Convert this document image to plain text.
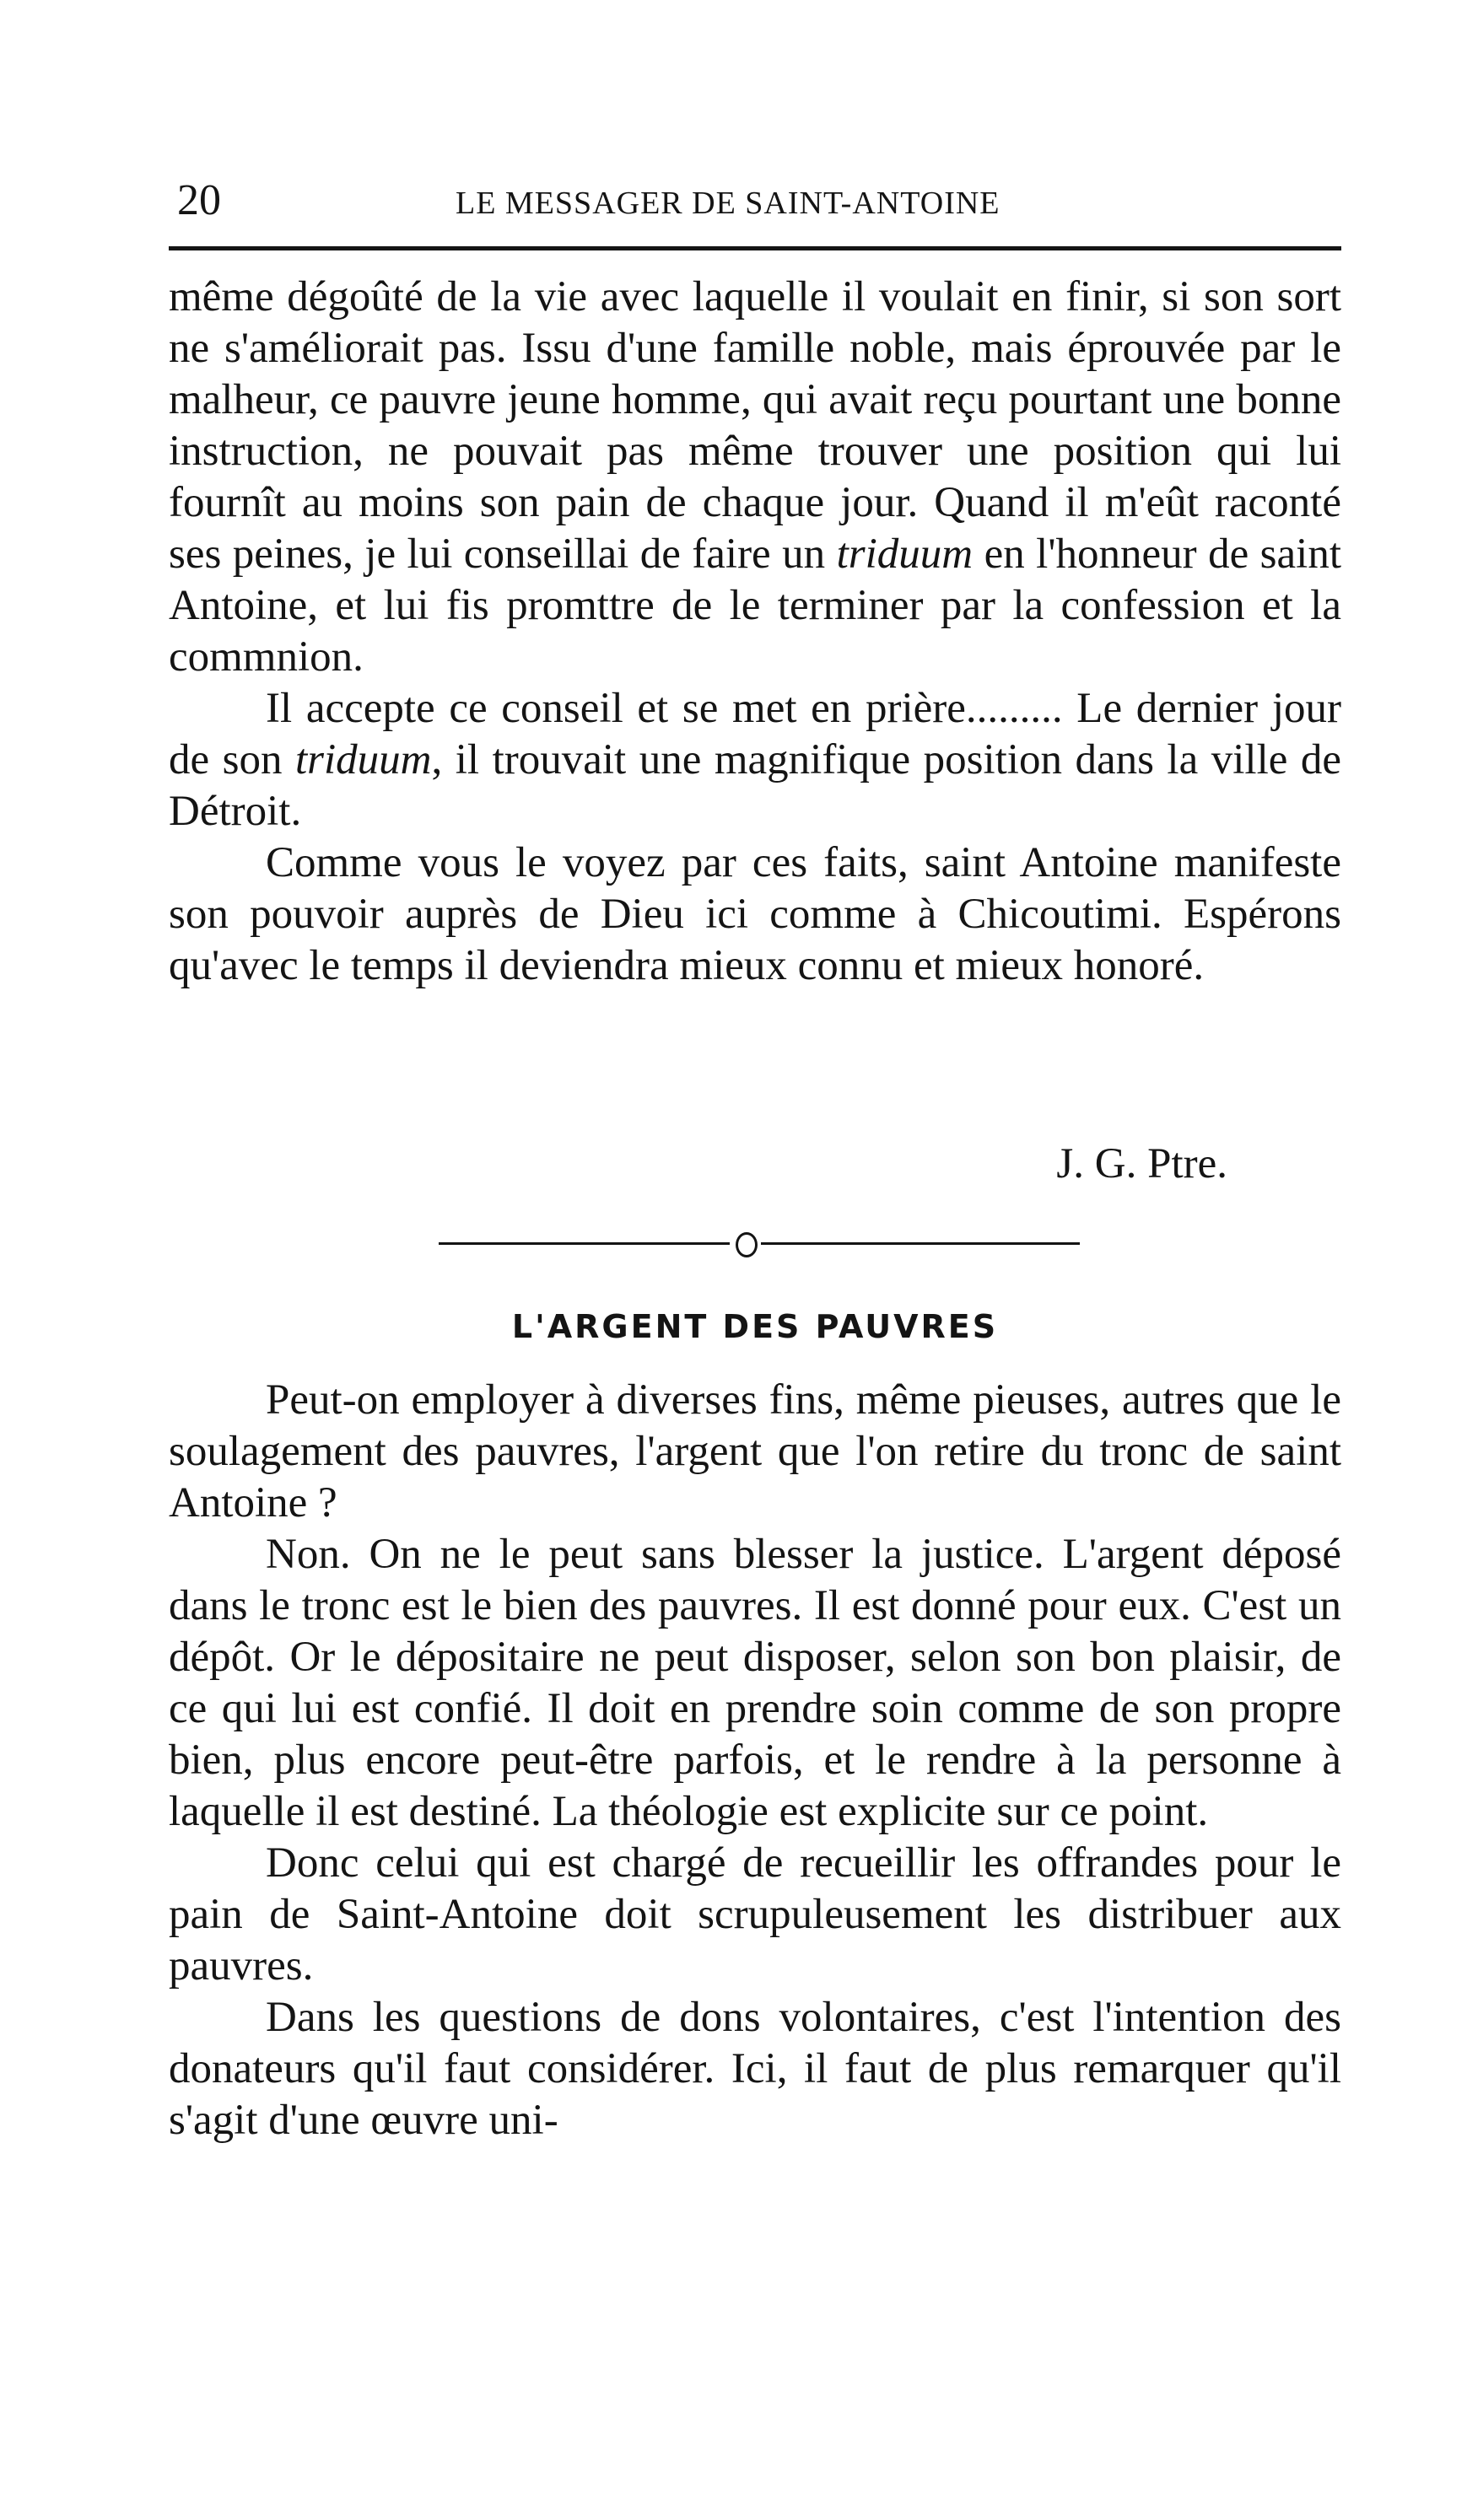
20	LE MESSAGER DE SAINT-ANTOINE

même dégoûté de la vie avec laquelle il voulait en finir, si son sort ne s'améliorait pas. Issu d'une famille noble, mais éprouvée par le malheur, ce pauvre jeune homme, qui avait reçu pourtant une bonne instruction, ne pouvait pas même trouver une position qui lui fournît au moins son pain de chaque jour. Quand il m'eût raconté ses peines, je lui conseillai de faire un triduum en l'honneur de saint Antoine, et lui fis promttre de le terminer par la confession et la commnion.

Il accepte ce conseil et se met en prière......... Le dernier jour de son triduum, il trouvait une magnifique position dans la ville de Détroit.

Comme vous le voyez par ces faits, saint Antoine manifeste son pouvoir auprès de Dieu ici comme à Chicoutimi. Espérons qu'avec le temps il deviendra mieux connu et mieux honoré.

J. G. Ptre.
L'ARGENT DES PAUVRES

Peut-on employer à diverses fins, même pieuses, autres que le soulagement des pauvres, l'argent que l'on retire du tronc de saint Antoine ?

Non. On ne le peut sans blesser la justice. L'argent déposé dans le tronc est le bien des pauvres. Il est donné pour eux. C'est un dépôt. Or le dépositaire ne peut disposer, selon son bon plaisir, de ce qui lui est confié. Il doit en prendre soin comme de son propre bien, plus encore peut-être parfois, et le rendre à la personne à laquelle il est destiné. La théologie est explicite sur ce point.

Donc celui qui est chargé de recueillir les offrandes pour le pain de Saint-Antoine doit scrupuleusement les distribuer aux pauvres.

Dans les questions de dons volontaires, c'est l'intention des donateurs qu'il faut considérer. Ici, il faut de plus remarquer qu'il s'agit d'une œuvre uni-
